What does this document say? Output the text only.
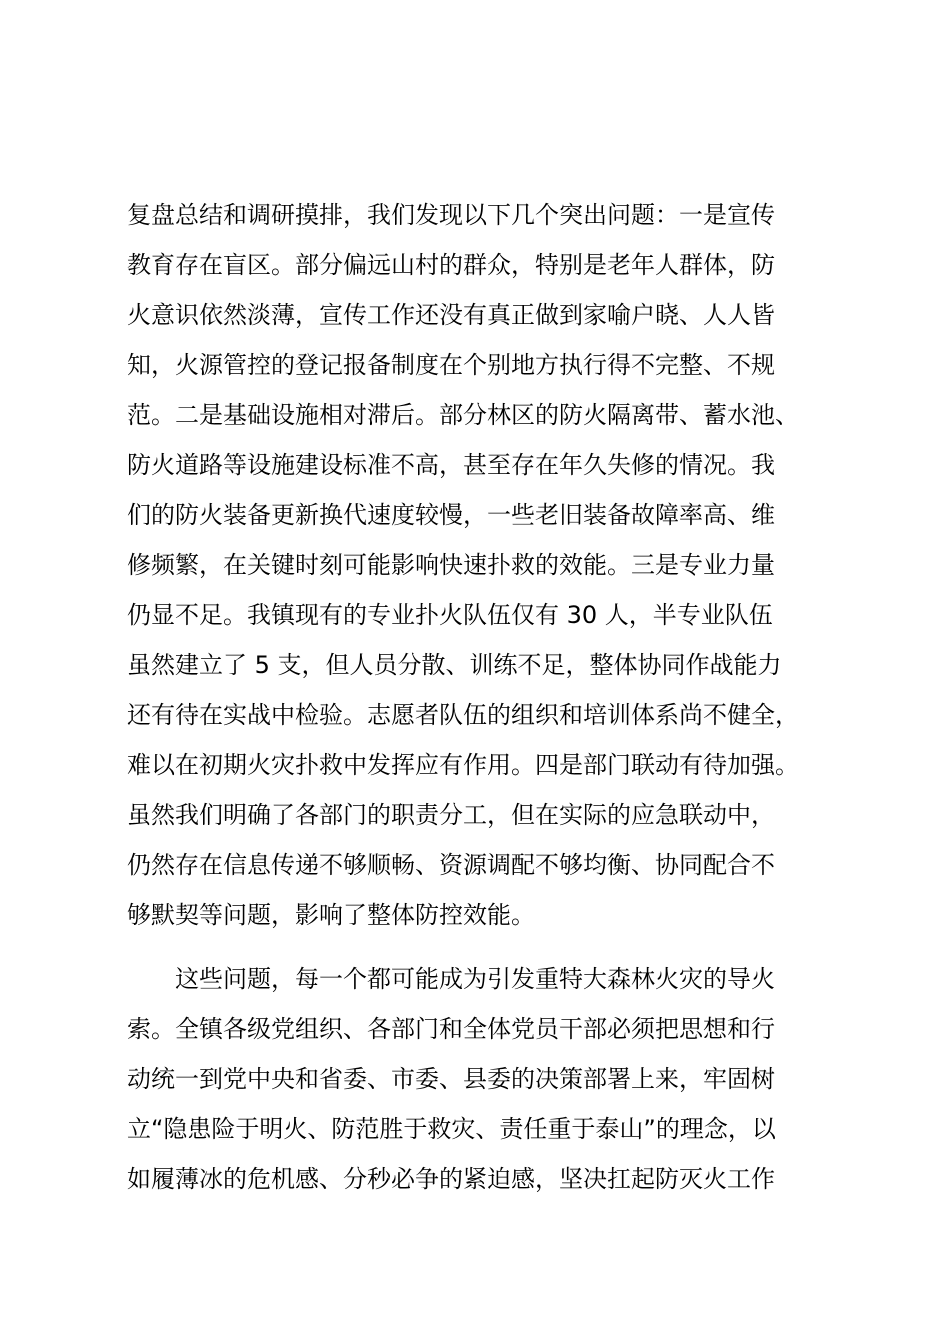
复盘总结和调研摸排，我们发现以下几个突出问题：一是宣传
教育存在盲区。部分偏远山村的群众，特别是老年人群体，防
火意识依然淡薄，宣传工作还没有真正做到家喻户晓、人人皆
知，火源管控的登记报备制度在个别地方执行得不完整、不规
范。二是基础设施相对滞后。部分林区的防火隔离带、蓄水池、
防火道路等设施建设标准不高，甚至存在年久失修的情况。我
们的防火装备更新换代速度较慢，一些老旧装备故障率高、维
修频繁，在关键时刻可能影响快速扑救的效能。三是专业力量
仍显不足。我镇现有的专业扑火队伍仅有 30 人，半专业队伍
虽然建立了 5 支，但人员分散、训练不足，整体协同作战能力
还有待在实战中检验。志愿者队伍的组织和培训体系尚不健全，
难以在初期火灾扑救中发挥应有作用。四是部门联动有待加强。
虽然我们明确了各部门的职责分工，但在实际的应急联动中，
仍然存在信息传递不够顺畅、资源调配不够均衡、协同配合不
够默契等问题，影响了整体防控效能。
这些问题，每一个都可能成为引发重特大森林火灾的导火
索。全镇各级党组织、各部门和全体党员干部必须把思想和行
动统一到党中央和省委、市委、县委的决策部署上来，牢固树
立“隐患险于明火、防范胜于救灾、责任重于泰山”的理念，以
如履薄冰的危机感、分秒必争的紧迫感，坚决扛起防灭火工作
